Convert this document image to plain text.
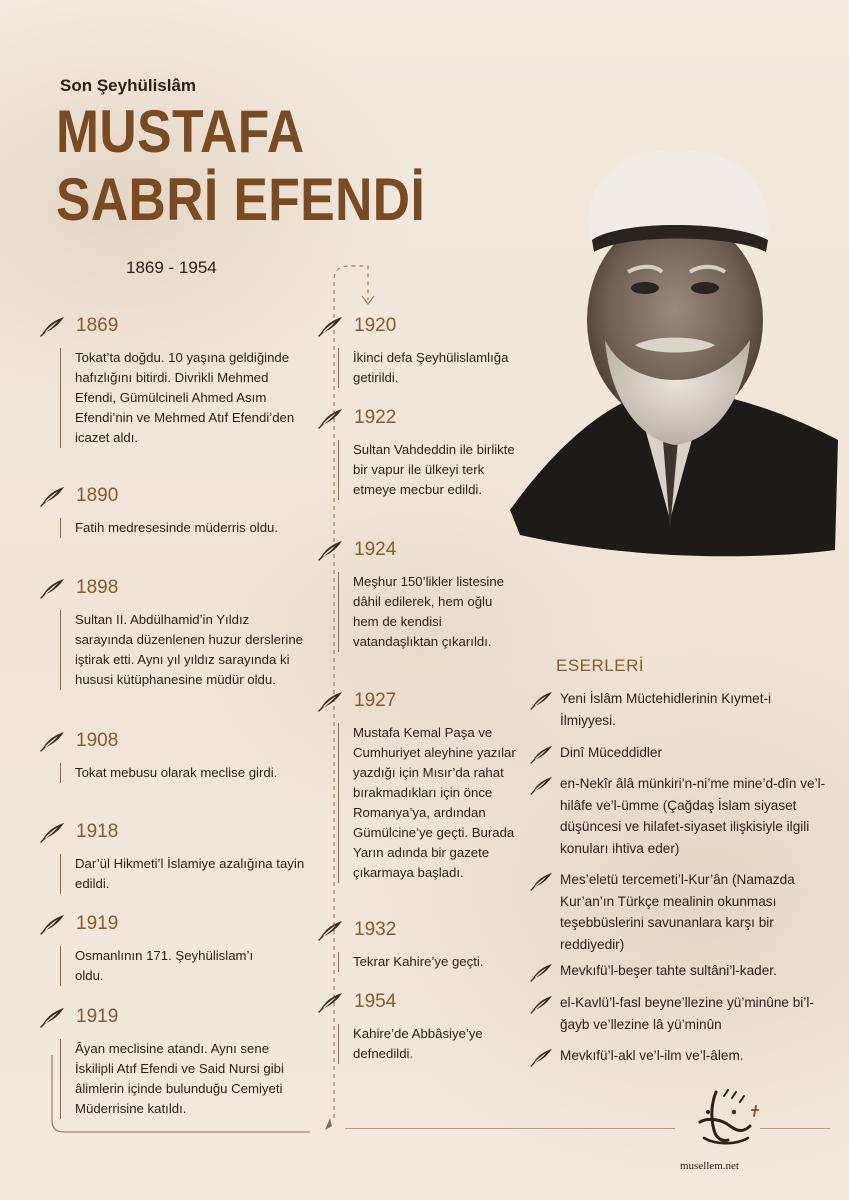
Son Şeyhülislâm
MUSTAFA
SABRİ EFENDİ
1869 - 1954
1869
Tokat’ta doğdu. 10 yaşına geldiğinde hafızlığını bitirdi. Divrikli Mehmed Efendi, Gümülcineli Ahmed Asım Efendi’nin ve Mehmed Atıf Efendi’den icazet aldı.
1890
Fatih medresesinde müderris oldu.
1898
Sultan II. Abdülhamid’in Yıldız sarayında düzenlenen huzur derslerine iştirak etti. Aynı yıl yıldız sarayında ki hususi kütüphanesine müdür oldu.
1908
Tokat mebusu olarak meclise girdi.
1918
Dar’ül Hikmeti’l İslamiye azalığına tayin edildi.
1919
Osmanlının 171. Şeyhülislam’ı oldu.
1919
Âyan meclisine atandı. Aynı sene İskilipli Atıf Efendi ve Said Nursi gibi âlimlerin içinde bulunduğu Cemiyeti Müderrisine katıldı.
1920
İkinci defa Şeyhülislamlığa getirildi.
1922
Sultan Vahdeddin ile birlikte bir vapur ile ülkeyi terk etmeye mecbur edildi.
1924
Meşhur 150’likler listesine dâhil edilerek, hem oğlu hem de kendisi vatandaşlıktan çıkarıldı.
1927
Mustafa Kemal Paşa ve Cumhuriyet aleyhine yazılar yazdığı için Mısır’da rahat bırakmadıkları için önce Romanya’ya, ardından Gümülcine’ye geçti. Burada Yarın adında bir gazete çıkarmaya başladı.
1932
Tekrar Kahire’ye geçti.
1954
Kahire’de Abbâsiye’ye defnedildi.
ESERLERİ
Yeni İslâm Müctehidlerinin Kıymet-i İlmiyyesi.
Dinî Müceddidler
en-Nekîr âlâ münkiri’n-ni’me mine’d-dîn ve’l-hilâfe ve’l-ümme (Çağdaş İslam siyaset düşüncesi ve hilafet-siyaset ilişkisiyle ilgili konuları ihtiva eder)
Mes’eletü tercemeti’l-Kur’ân (Namazda Kur’an’ın Türkçe mealinin okunması teşebbüslerini savunanlara karşı bir reddiyedir)
Mevkıfü’l-beşer tahte sultâni’l-kader.
el-Kavlü’l-fasl beyne’llezine yü’minûne bi’l-ğayb ve’llezine lâ yü’minûn
Mevkıfü’l-akl ve’l-ilm ve’l-âlem.
musellem.net
